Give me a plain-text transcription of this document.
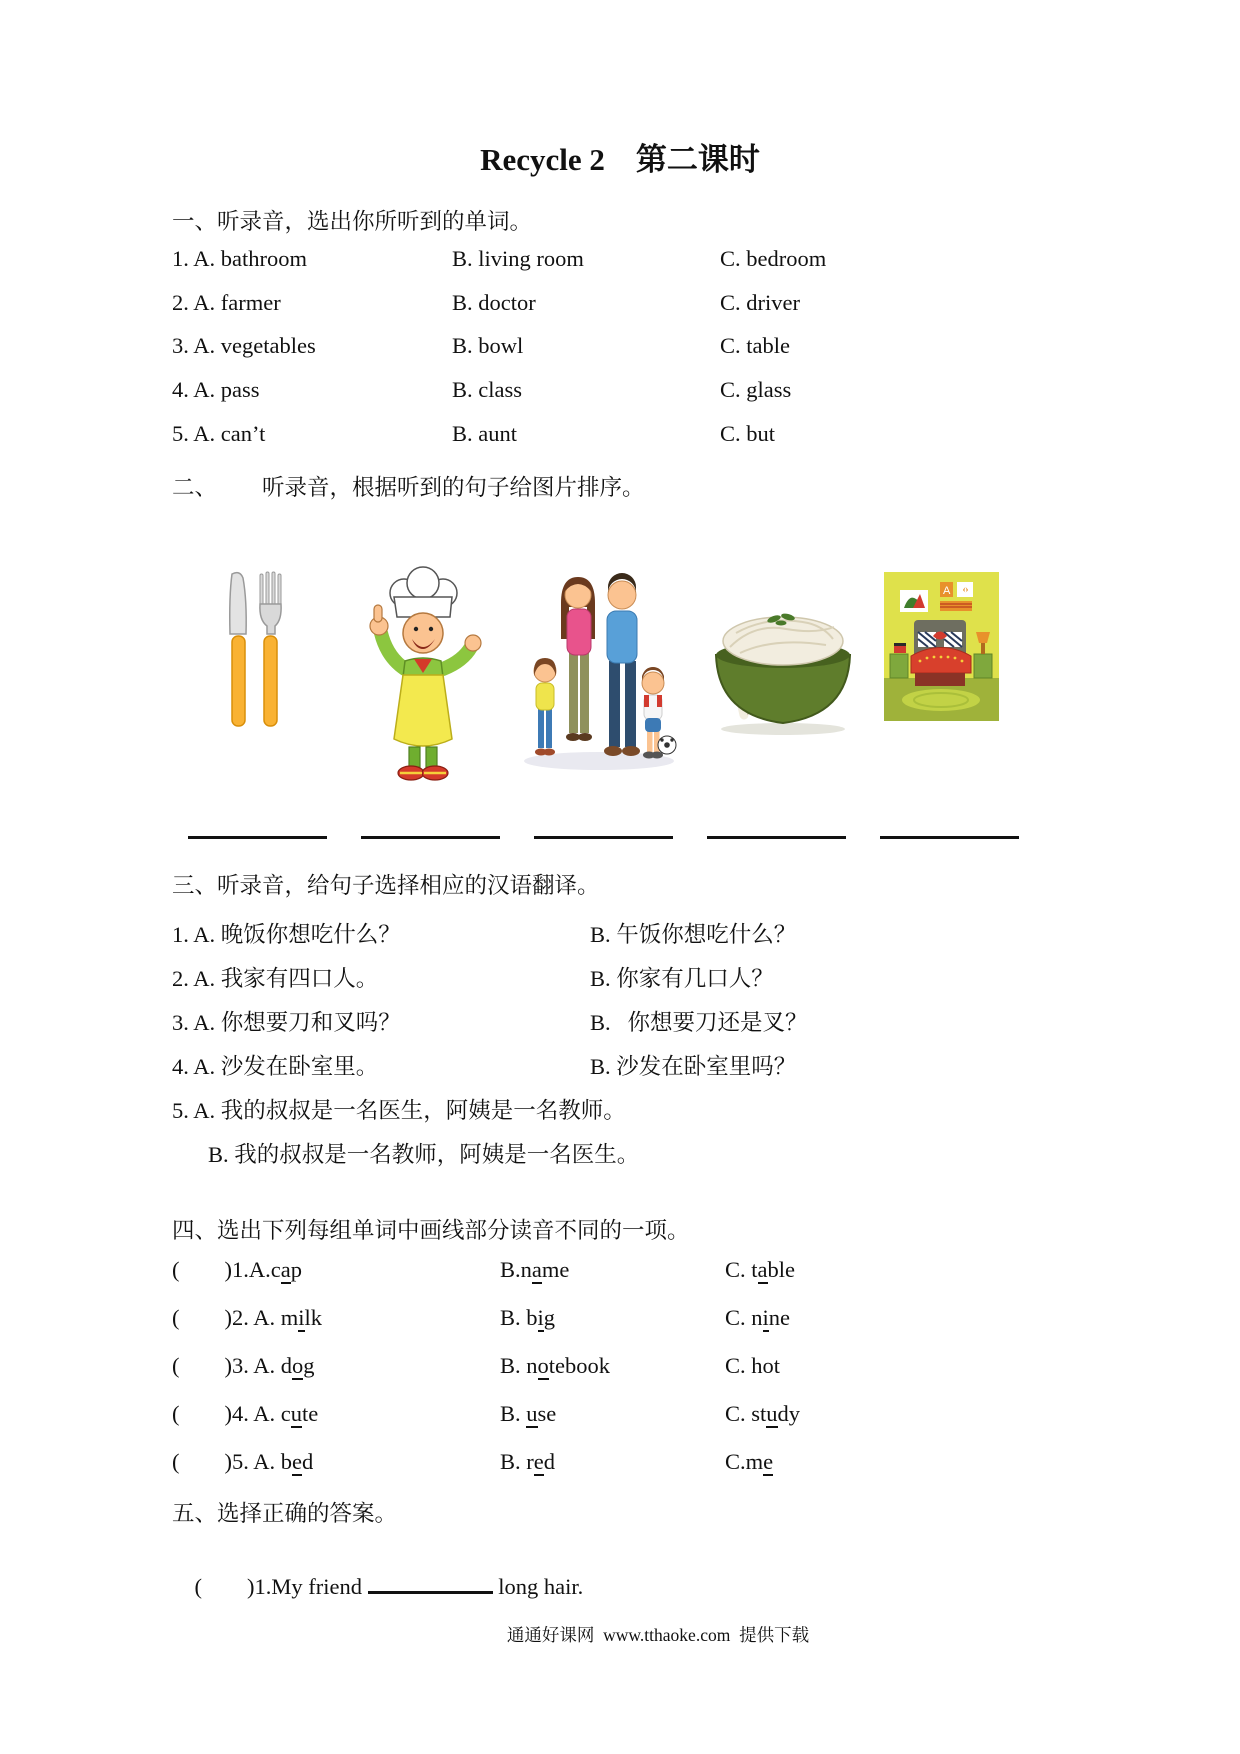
Recycle 2　第二课时
一、听录音，选出你所听到的单词。
1. A. bathroom	B. living room	C. bedroom
2. A. farmer	B. doctor	C. driver
3. A. vegetables	B. bowl	C. table
4. A. pass	B. class	C. glass
5. A. can’t	B. aunt	C. but
二、        听录音，根据听到的句子给图片排序。
A
三、听录音，给句子选择相应的汉语翻译。
1. A. 晚饭你想吃什么？	B. 午饭你想吃什么？
2. A. 我家有四口人。	B. 你家有几口人？
3. A. 你想要刀和叉吗？	B.   你想要刀还是叉？
4. A. 沙发在卧室里。	B. 沙发在卧室里吗？
5. A. 我的叔叔是一名医生，阿姨是一名教师。
B. 我的叔叔是一名教师，阿姨是一名医生。
四、选出下列每组单词中画线部分读音不同的一项。
(        )1.A.cap	B.name	C. table
(        )2. A. milk	B. big	C. nine
(        )3. A. dog	B. notebook	C. hot
(        )4. A. cute	B. use	C. study
(        )5. A. bed	B. red	C.me
五、选择正确的答案。

(        )1.My friend	long hair.

通通好课网  www.tthaoke.com  提供下载
